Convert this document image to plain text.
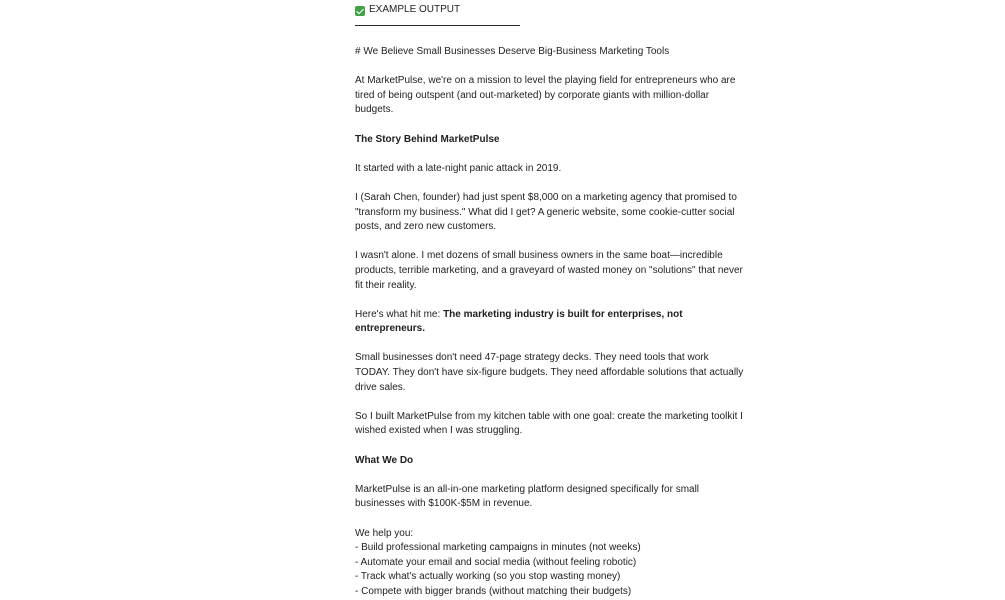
EXAMPLE OUTPUT

# We Believe Small Businesses Deserve Big-Business Marketing Tools

At MarketPulse, we're on a mission to level the playing field for entrepreneurs who are tired of being outspent (and out-marketed) by corporate giants with million-dollar budgets.

The Story Behind MarketPulse

It started with a late-night panic attack in 2019.

I (Sarah Chen, founder) had just spent $8,000 on a marketing agency that promised to "transform my business." What did I get? A generic website, some cookie-cutter social posts, and zero new customers.

I wasn't alone. I met dozens of small business owners in the same boat—incredible products, terrible marketing, and a graveyard of wasted money on "solutions" that never fit their reality.

Here's what hit me: The marketing industry is built for enterprises, not entrepreneurs.

Small businesses don't need 47-page strategy decks. They need tools that work TODAY. They don't have six-figure budgets. They need affordable solutions that actually drive sales.

So I built MarketPulse from my kitchen table with one goal: create the marketing toolkit I wished existed when I was struggling.

What We Do

MarketPulse is an all-in-one marketing platform designed specifically for small businesses with $100K-$5M in revenue.

We help you:

- Build professional marketing campaigns in minutes (not weeks)
- Automate your email and social media (without feeling robotic)
- Track what's actually working (so you stop wasting money)
- Compete with bigger brands (without matching their budgets)
